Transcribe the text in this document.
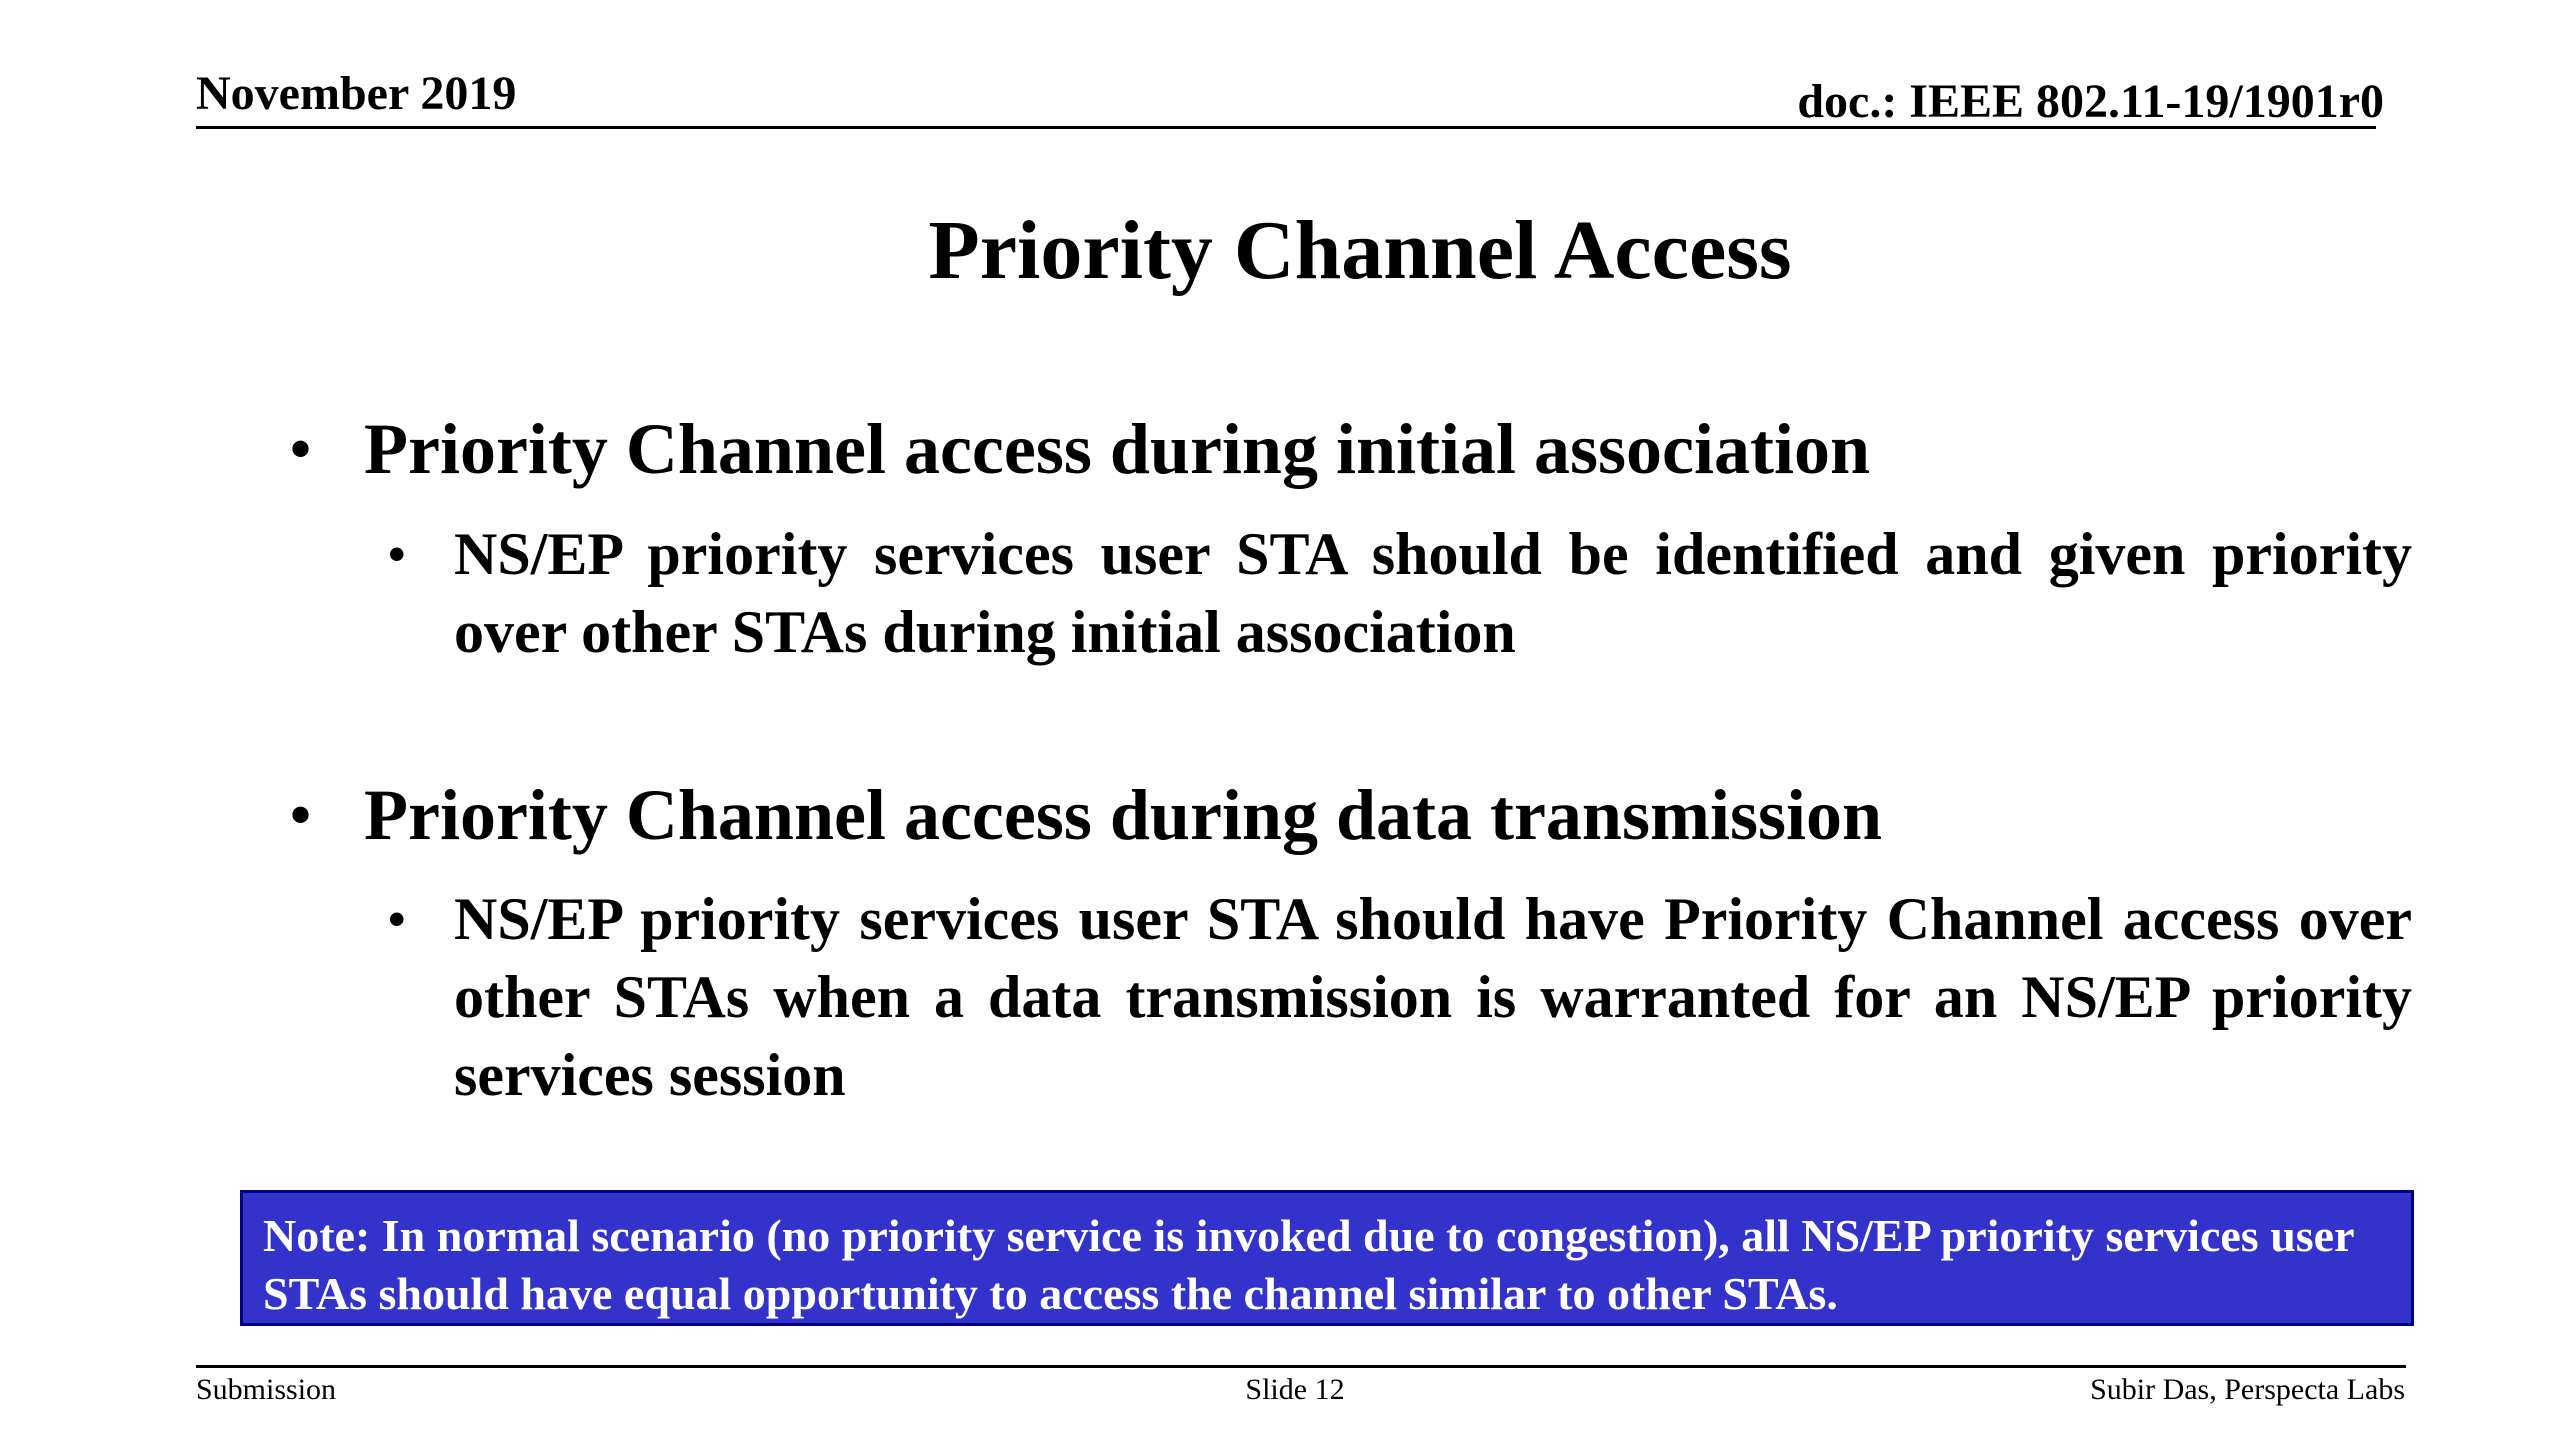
November 2019	doc.: IEEE 802.11-19/1901r0
Priority Channel Access
• Priority Channel access during initial association
• NS/EP priority services user STA should be identified and given priority over other STAs during initial association
• Priority Channel access during data transmission
• NS/EP priority services user STA should have Priority Channel access over other STAs when a data transmission is warranted for an NS/EP priority services session
Note: In normal scenario (no priority service is invoked due to congestion), all NS/EP priority services user STAs should have equal opportunity to access the channel similar to other STAs.
Submission	Slide 12	Subir Das, Perspecta Labs
